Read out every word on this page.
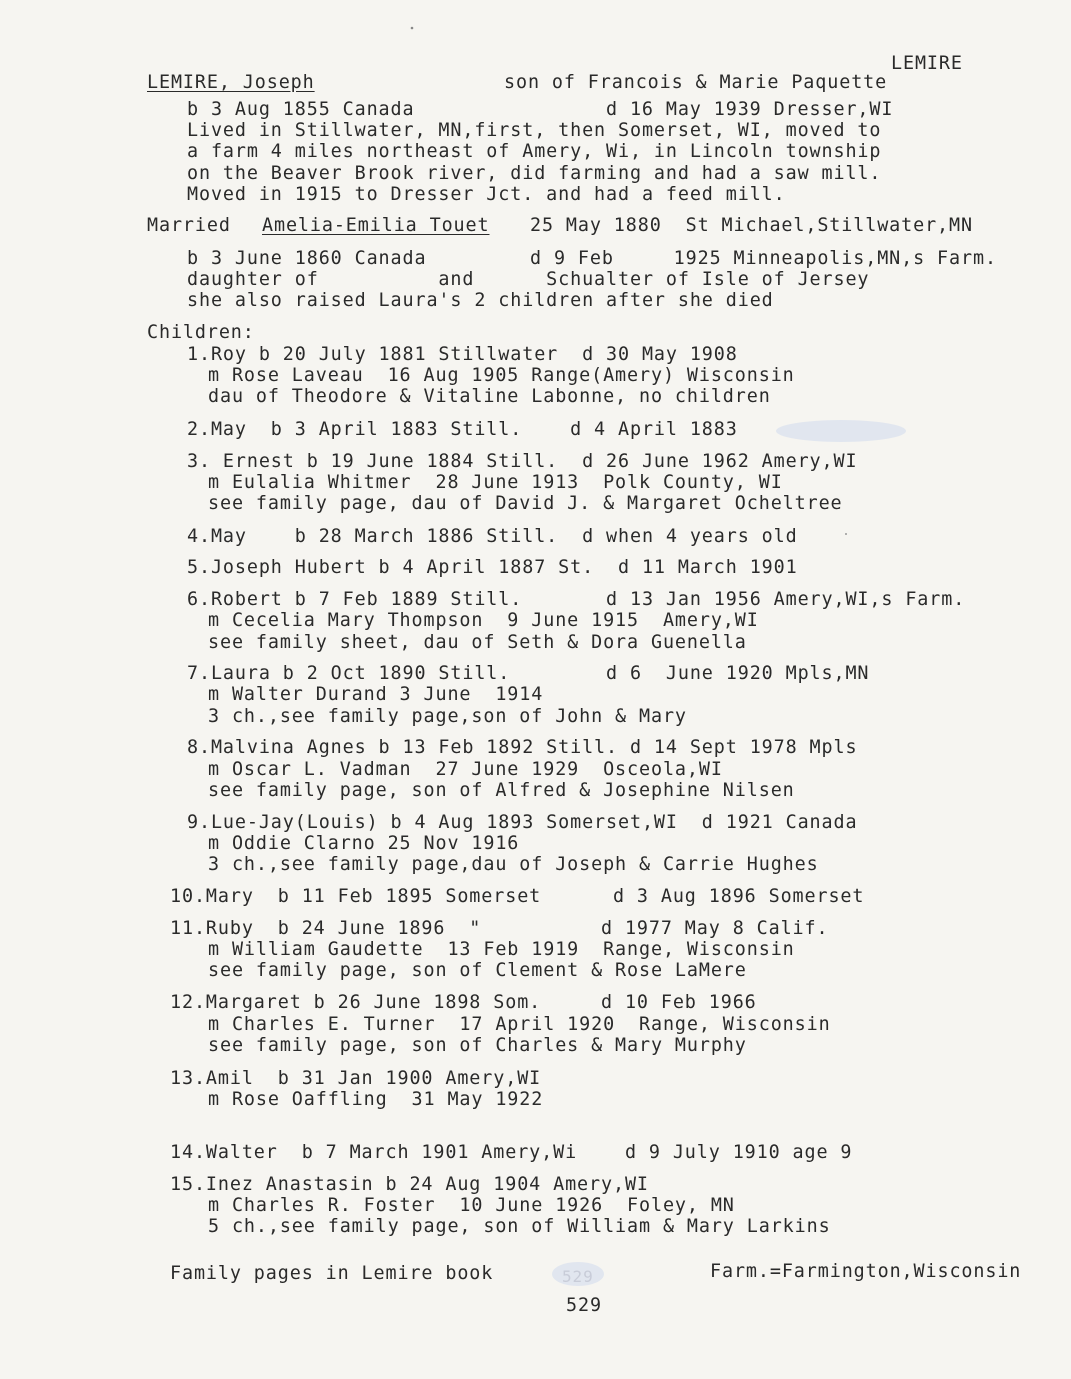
LEMIRE
LEMIRE, Joseph	son of Francois & Marie Paquette
b 3 Aug 1855 Canada	d 16 May 1939 Dresser,WI
Lived in Stillwater, MN,first, then Somerset, WI, moved to
a farm 4 miles northeast of Amery, Wi, in Lincoln township
on the Beaver Brook river, did farming and had a saw mill.
Moved in 1915 to Dresser Jct. and had a feed mill.
Married Amelia-Emilia Touet 25 May 1880  St Michael,Stillwater,MN
b 3 June 1860 Canada	d 9 Feb     1925 Minneapolis,MN,s Farm.
daughter of          and      Schualter of Isle of Jersey
she also raised Laura's 2 children after she died
Children:
1.Roy b 20 July 1881 Stillwater  d 30 May 1908
m Rose Laveau  16 Aug 1905 Range(Amery) Wisconsin
dau of Theodore & Vitaline Labonne, no children
2.May  b 3 April 1883 Still.    d 4 April 1883
3. Ernest b 19 June 1884 Still.  d 26 June 1962 Amery,WI
m Eulalia Whitmer  28 June 1913  Polk County, WI
see family page, dau of David J. & Margaret Ocheltree
4.May    b 28 March 1886 Still.  d when 4 years old
5.Joseph Hubert b 4 April 1887 St.  d 11 March 1901
6.Robert b 7 Feb 1889 Still.       d 13 Jan 1956 Amery,WI,s Farm.
m Cecelia Mary Thompson  9 June 1915  Amery,WI
see family sheet, dau of Seth & Dora Guenella
7.Laura b 2 Oct 1890 Still.        d 6  June 1920 Mpls,MN
m Walter Durand 3 June  1914
3 ch.,see family page,son of John & Mary
8.Malvina Agnes b 13 Feb 1892 Still. d 14 Sept 1978 Mpls
m Oscar L. Vadman  27 June 1929  Osceola,WI
see family page, son of Alfred & Josephine Nilsen
9.Lue-Jay(Louis) b 4 Aug 1893 Somerset,WI  d 1921 Canada
m Oddie Clarno 25 Nov 1916
3 ch.,see family page,dau of Joseph & Carrie Hughes
10.Mary  b 11 Feb 1895 Somerset      d 3 Aug 1896 Somerset
11.Ruby  b 24 June 1896  "          d 1977 May 8 Calif.
m William Gaudette  13 Feb 1919  Range, Wisconsin
see family page, son of Clement & Rose LaMere
12.Margaret b 26 June 1898 Som.     d 10 Feb 1966
m Charles E. Turner  17 April 1920  Range, Wisconsin
see family page, son of Charles & Mary Murphy
13.Amil  b 31 Jan 1900 Amery,WI
m Rose Oaffling  31 May 1922
14.Walter  b 7 March 1901 Amery,Wi    d 9 July 1910 age 9
15.Inez Anastasin b 24 Aug 1904 Amery,WI
m Charles R. Foster  10 June 1926  Foley, MN
5 ch.,see family page, son of William & Mary Larkins
Family pages in Lemire book	Farm.=Farmington,Wisconsin
529
529
